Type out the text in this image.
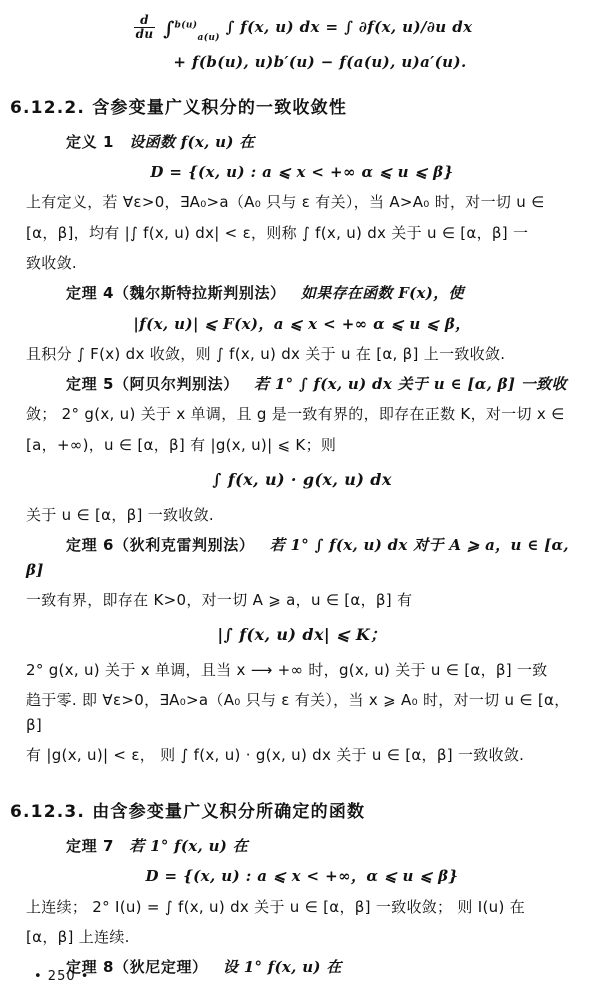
$\frac{d}{du} \int^{b(u)}_{a(u)}$ ∫ f(x, u) dx = ∫ ∂f(x, u)/∂u dx
+ f(b(u), u)b′(u) − f(a(u), u)a′(u).
6.12.2. 含参变量广义积分的一致收敛性

定义 1 设函数 f(x, u) 在

D = {(x, u) : a ⩽ x < +∞ α ⩽ u ⩽ β}

上有定义，若 ∀ε>0，∃A₀>a（A₀ 只与 ε 有关），当 A>A₀ 时，对一切 u ∈

[α，β]，均有 |∫ f(x, u) dx| < ε，则称 ∫ f(x, u) dx 关于 u ∈ [α，β] 一

致收敛.

定理 4（魏尔斯特拉斯判别法） 如果存在函数 F(x)，使

|f(x, u)| ⩽ F(x)，a ⩽ x < +∞ α ⩽ u ⩽ β，

且积分 ∫ F(x) dx 收敛，则 ∫ f(x, u) dx 关于 u 在 [α, β] 上一致收敛.

定理 5（阿贝尔判别法） 若 1° ∫ f(x, u) dx 关于 u ∈ [α, β] 一致收

敛； 2° g(x, u) 关于 x 单调，且 g 是一致有界的，即存在正数 K，对一切 x ∈

[a，+∞)，u ∈ [α，β] 有 |g(x, u)| ⩽ K；则

∫ f(x, u) · g(x, u) dx

关于 u ∈ [α，β] 一致收敛.

定理 6（狄利克雷判别法） 若 1° ∫ f(x, u) dx 对于 A ⩾ a，u ∈ [α, β]

一致有界，即存在 K>0，对一切 A ⩾ a，u ∈ [α，β] 有

|∫ f(x, u) dx| ⩽ K；

2° g(x, u) 关于 x 单调，且当 x ⟶ +∞ 时，g(x, u) 关于 u ∈ [α，β] 一致

趋于零. 即 ∀ε>0，∃A₀>a（A₀ 只与 ε 有关），当 x ⩾ A₀ 时，对一切 u ∈ [α，β]

有 |g(x, u)| < ε， 则 ∫ f(x, u) · g(x, u) dx 关于 u ∈ [α，β] 一致收敛.

6.12.3. 由含参变量广义积分所确定的函数

定理 7 若 1° f(x, u) 在

D = {(x, u) : a ⩽ x < +∞，α ⩽ u ⩽ β}

上连续； 2° I(u) = ∫ f(x, u) dx 关于 u ∈ [α，β] 一致收敛； 则 I(u) 在

[α，β] 上连续.

定理 8（狄尼定理） 设 1° f(x, u) 在

• 250 •
